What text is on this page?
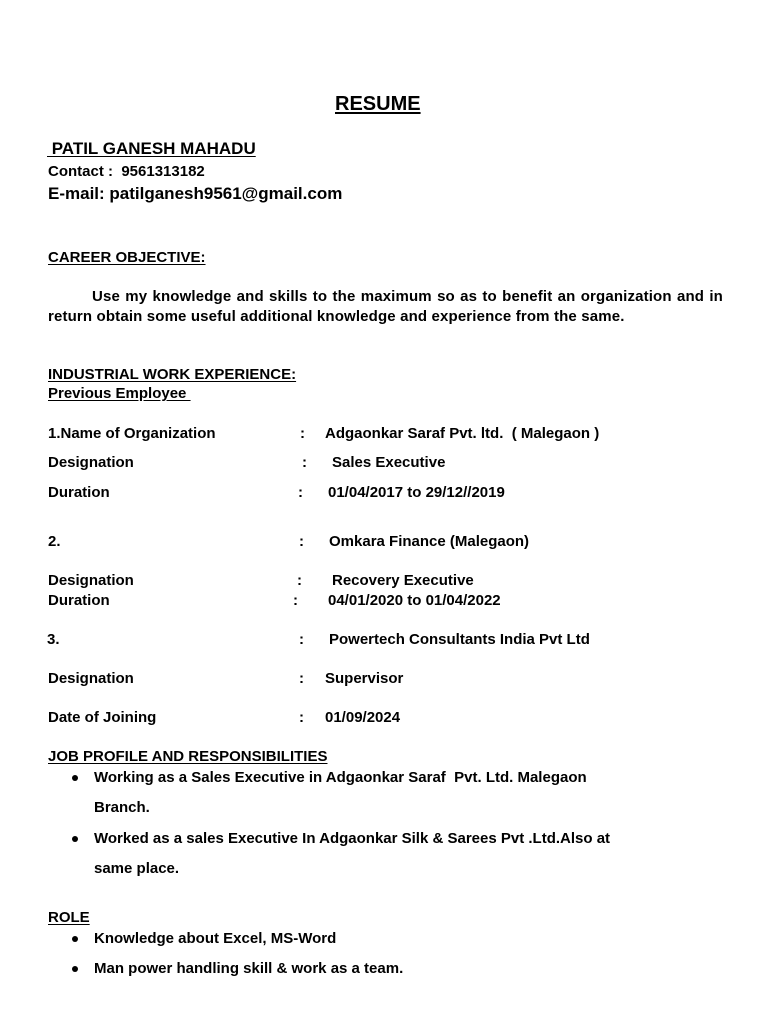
RESUME
PATIL GANESH MAHADU
Contact :  9561313182
E-mail: patilganesh9561@gmail.com
CAREER OBJECTIVE:
Use my knowledge and skills to the maximum so as to benefit an organization and in return obtain some useful additional knowledge and experience from the same.
INDUSTRIAL WORK EXPERIENCE:
Previous Employee
1.Name of Organization	: Adgaonkar Saraf Pvt. ltd.  ( Malegaon )
Designation	: Sales Executive
Duration	: 01/04/2017 to 29/12//2019
2.	: Omkara Finance (Malegaon)
Designation	: Recovery Executive
Duration	: 04/01/2020 to 01/04/2022
3.	: Powertech Consultants India Pvt Ltd
Designation	: Supervisor
Date of Joining	: 01/09/2024
JOB PROFILE AND RESPONSIBILITIES
Working as a Sales Executive in Adgaonkar Saraf  Pvt. Ltd. Malegaon
Branch.
Worked as a sales Executive In Adgaonkar Silk & Sarees Pvt .Ltd.Also at
same place.
ROLE
Knowledge about Excel, MS-Word
Man power handling skill & work as a team.
